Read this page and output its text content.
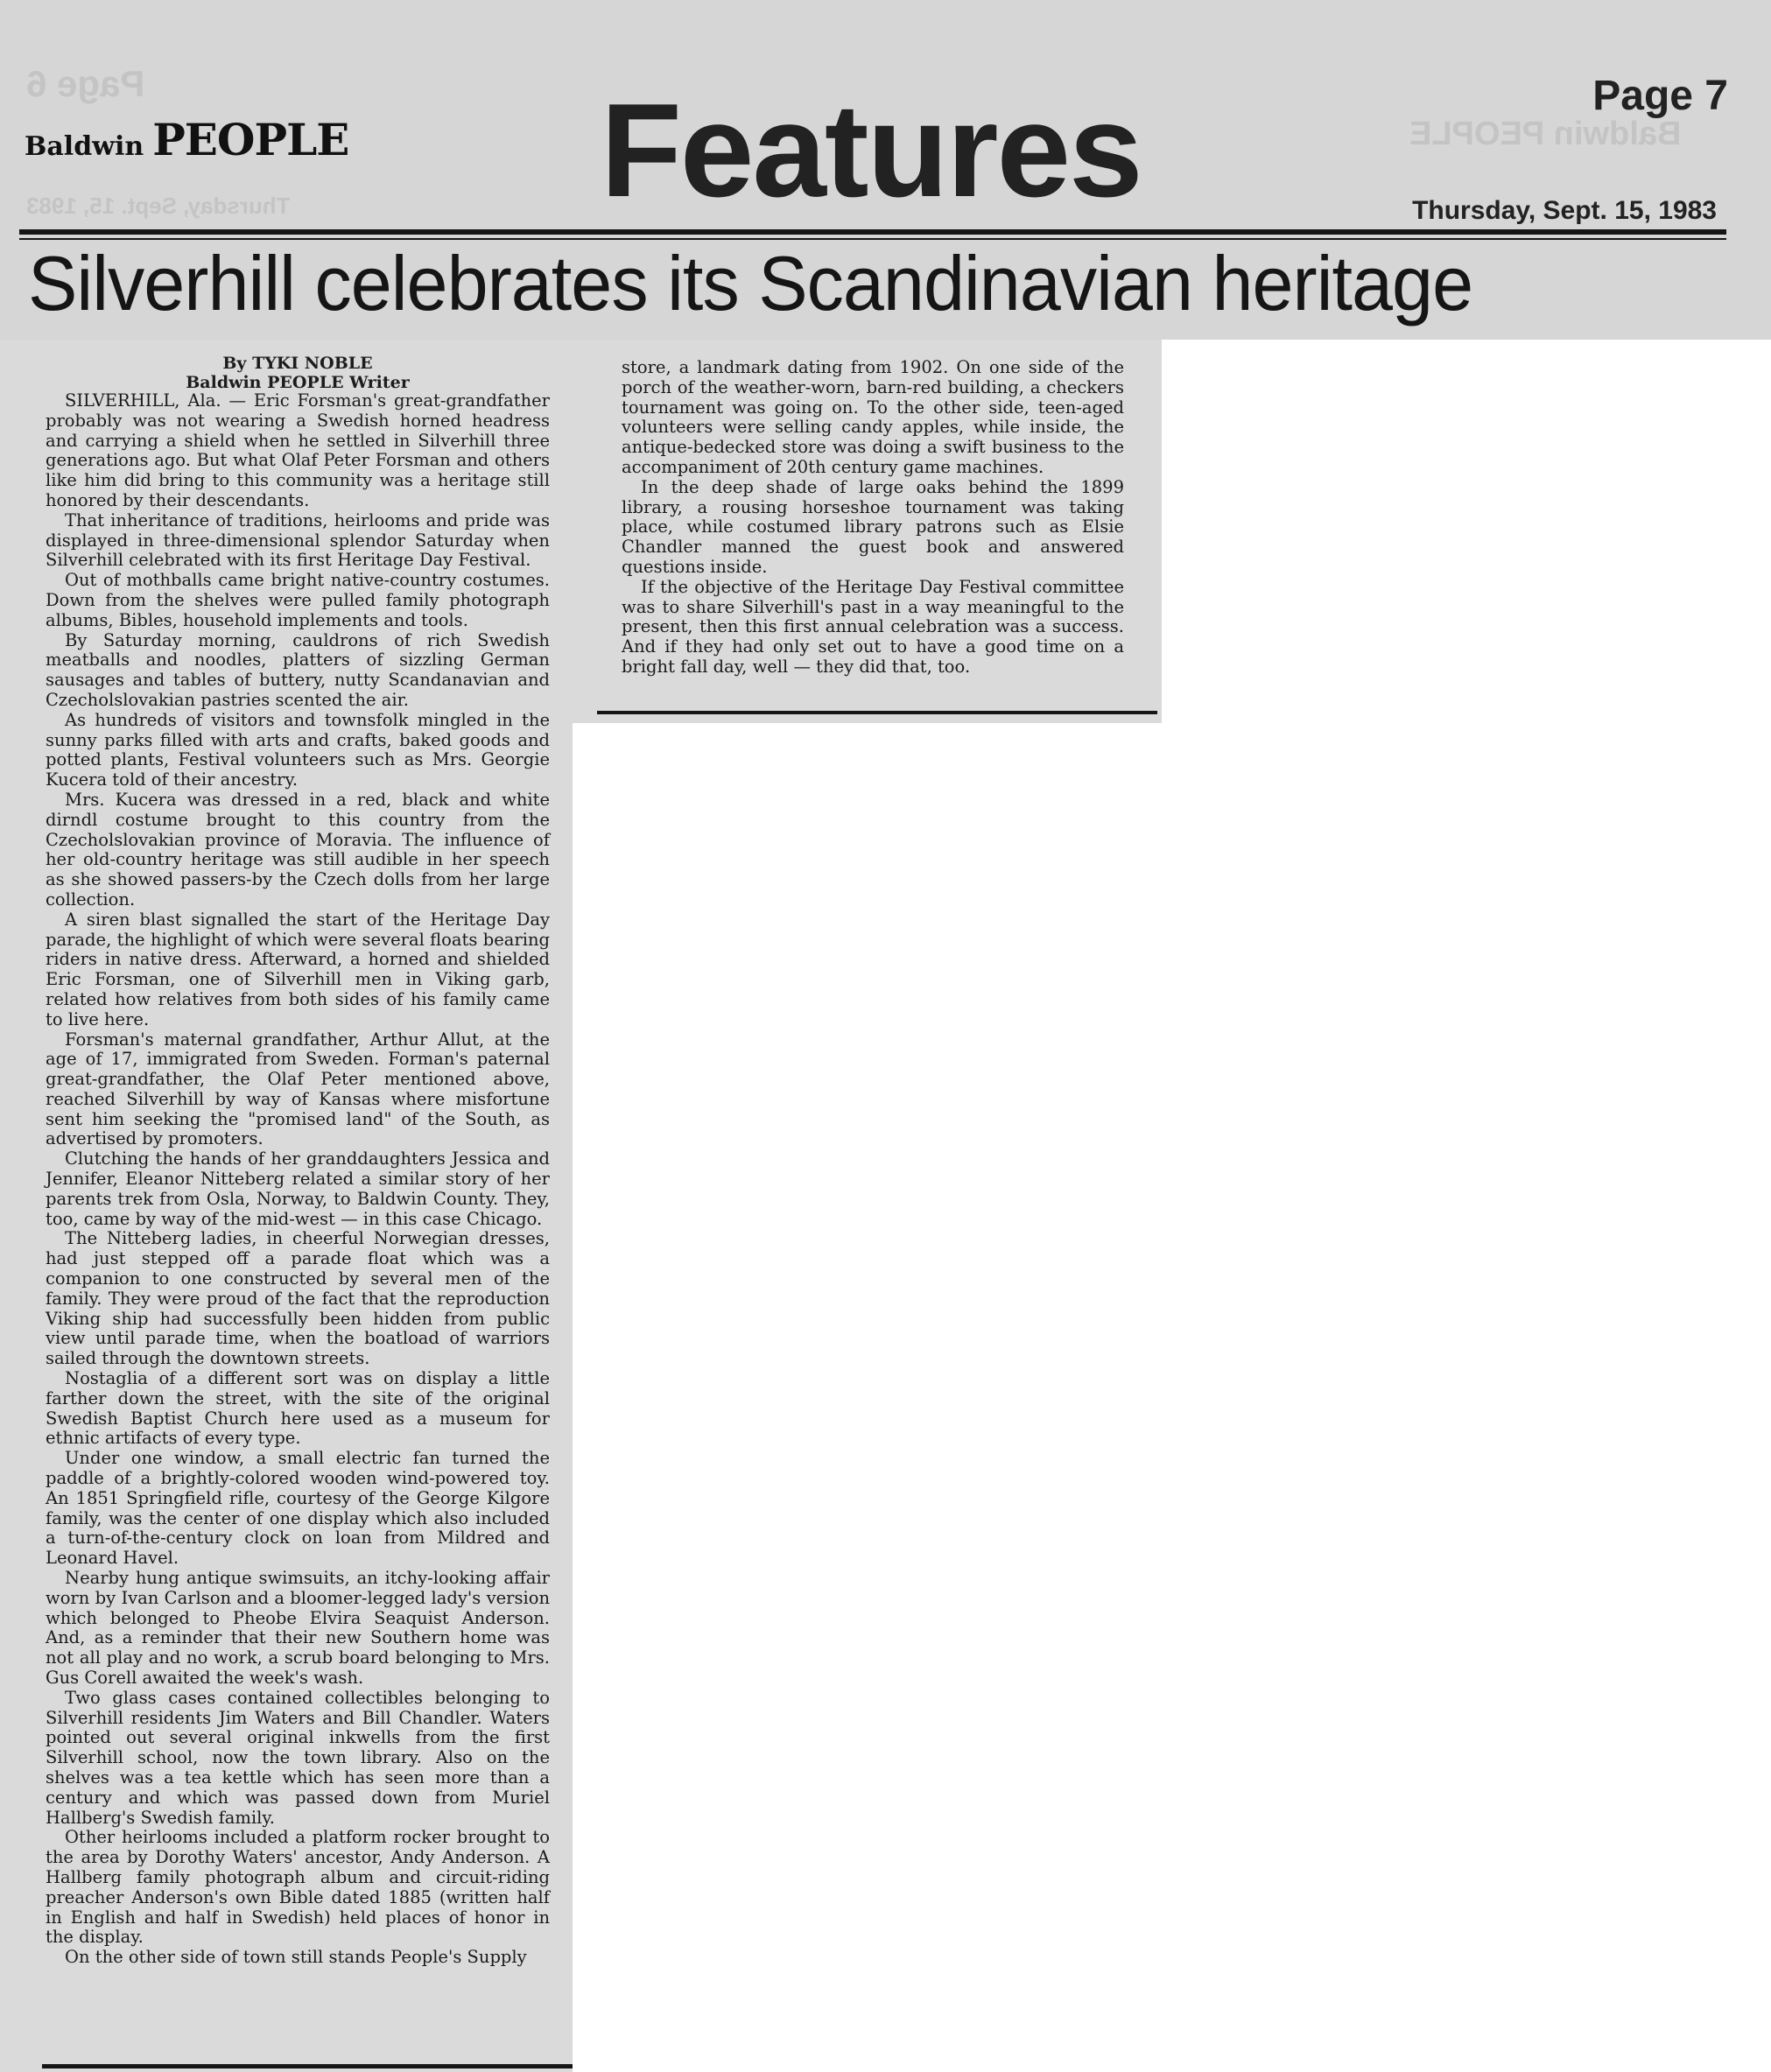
Page 6
Thursday, Sept. 15, 1983
Baldwin PEOPLE
Baldwin PEOPLE Features	Page 7
Thursday, Sept. 15, 1983
Silverhill celebrates its Scandinavian heritage
By TYKI NOBLE
Baldwin PEOPLE Writer

SILVERHILL, Ala. — Eric Forsman's great-grandfather probably was not wearing a Swedish horned headress and carrying a shield when he settled in Silverhill three generations ago. But what Olaf Peter Forsman and others like him did bring to this community was a heritage still honored by their descendants.

That inheritance of traditions, heirlooms and pride was displayed in three-dimensional splendor Saturday when Silverhill celebrated with its first Heritage Day Festival.

Out of mothballs came bright native-country costumes. Down from the shelves were pulled family photograph albums, Bibles, household implements and tools.

By Saturday morning, cauldrons of rich Swedish meatballs and noodles, platters of sizzling German sausages and tables of buttery, nutty Scandanavian and Czecholslovakian pastries scented the air.

As hundreds of visitors and townsfolk mingled in the sunny parks filled with arts and crafts, baked goods and potted plants, Festival volunteers such as Mrs. Georgie Kucera told of their ancestry.

Mrs. Kucera was dressed in a red, black and white dirndl costume brought to this country from the Czecholslovakian province of Moravia. The influence of her old-country heritage was still audible in her speech as she showed passers-by the Czech dolls from her large collection.

A siren blast signalled the start of the Heritage Day parade, the highlight of which were several floats bearing riders in native dress. Afterward, a horned and shielded Eric Forsman, one of Silverhill men in Viking garb, related how relatives from both sides of his family came to live here.

Forsman's maternal grandfather, Arthur Allut, at the age of 17, immigrated from Sweden. Forman's paternal great-grandfather, the Olaf Peter mentioned above, reached Silverhill by way of Kansas where misfortune sent him seeking the "promised land" of the South, as advertised by promoters.

Clutching the hands of her granddaughters Jessica and Jennifer, Eleanor Nitteberg related a similar story of her parents trek from Osla, Norway, to Baldwin County. They, too, came by way of the mid-west — in this case Chicago.

The Nitteberg ladies, in cheerful Norwegian dresses, had just stepped off a parade float which was a companion to one constructed by several men of the family. They were proud of the fact that the reproduction Viking ship had successfully been hidden from public view until parade time, when the boatload of warriors sailed through the downtown streets.

Nostaglia of a different sort was on display a little farther down the street, with the site of the original Swedish Baptist Church here used as a museum for ethnic artifacts of every type.

Under one window, a small electric fan turned the paddle of a brightly-colored wooden wind-powered toy. An 1851 Springfield rifle, courtesy of the George Kilgore family, was the center of one display which also included a turn-of-the-century clock on loan from Mildred and Leonard Havel.

Nearby hung antique swimsuits, an itchy-looking affair worn by Ivan Carlson and a bloomer-legged lady's version which belonged to Pheobe Elvira Seaquist Anderson. And, as a reminder that their new Southern home was not all play and no work, a scrub board belonging to Mrs. Gus Corell awaited the week's wash.

Two glass cases contained collectibles belonging to Silverhill residents Jim Waters and Bill Chandler. Waters pointed out several original inkwells from the first Silverhill school, now the town library. Also on the shelves was a tea kettle which has seen more than a century and which was passed down from Muriel Hallberg's Swedish family.

Other heirlooms included a platform rocker brought to the area by Dorothy Waters' ancestor, Andy Anderson. A Hallberg family photograph album and circuit-riding preacher Anderson's own Bible dated 1885 (written half in English and half in Swedish) held places of honor in the display.

On the other side of town still stands People's Supply

store, a landmark dating from 1902. On one side of the porch of the weather-worn, barn-red building, a checkers tournament was going on. To the other side, teen-aged volunteers were selling candy apples, while inside, the antique-bedecked store was doing a swift business to the accompaniment of 20th century game machines.

In the deep shade of large oaks behind the 1899 library, a rousing horseshoe tournament was taking place, while costumed library patrons such as Elsie Chandler manned the guest book and answered questions inside.

If the objective of the Heritage Day Festival committee was to share Silverhill's past in a way meaningful to the present, then this first annual celebration was a success. And if they had only set out to have a good time on a bright fall day, well — they did that, too.
